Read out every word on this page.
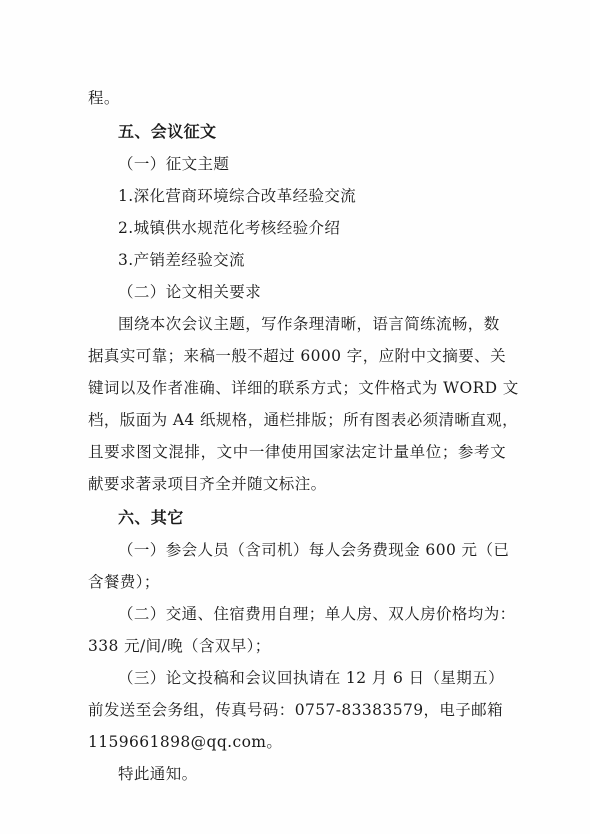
程。
五、会议征文
（一）征文主题
1.深化营商环境综合改革经验交流
2.城镇供水规范化考核经验介绍
3.产销差经验交流
（二）论文相关要求
围绕本次会议主题，写作条理清晰，语言简练流畅，数
据真实可靠；来稿一般不超过 6000 字，应附中文摘要、关
键词以及作者准确、详细的联系方式；文件格式为 WORD 文
档，版面为 A4 纸规格，通栏排版；所有图表必须清晰直观，
且要求图文混排，文中一律使用国家法定计量单位；参考文
献要求著录项目齐全并随文标注。
六、其它
（一）参会人员（含司机）每人会务费现金 600 元（已
含餐费）；
（二）交通、住宿费用自理；单人房、双人房价格均为：
338 元/间/晚（含双早）；
（三）论文投稿和会议回执请在 12 月 6 日（星期五）
前发送至会务组，传真号码：0757-83383579，电子邮箱
1159661898@qq.com。
特此通知。
